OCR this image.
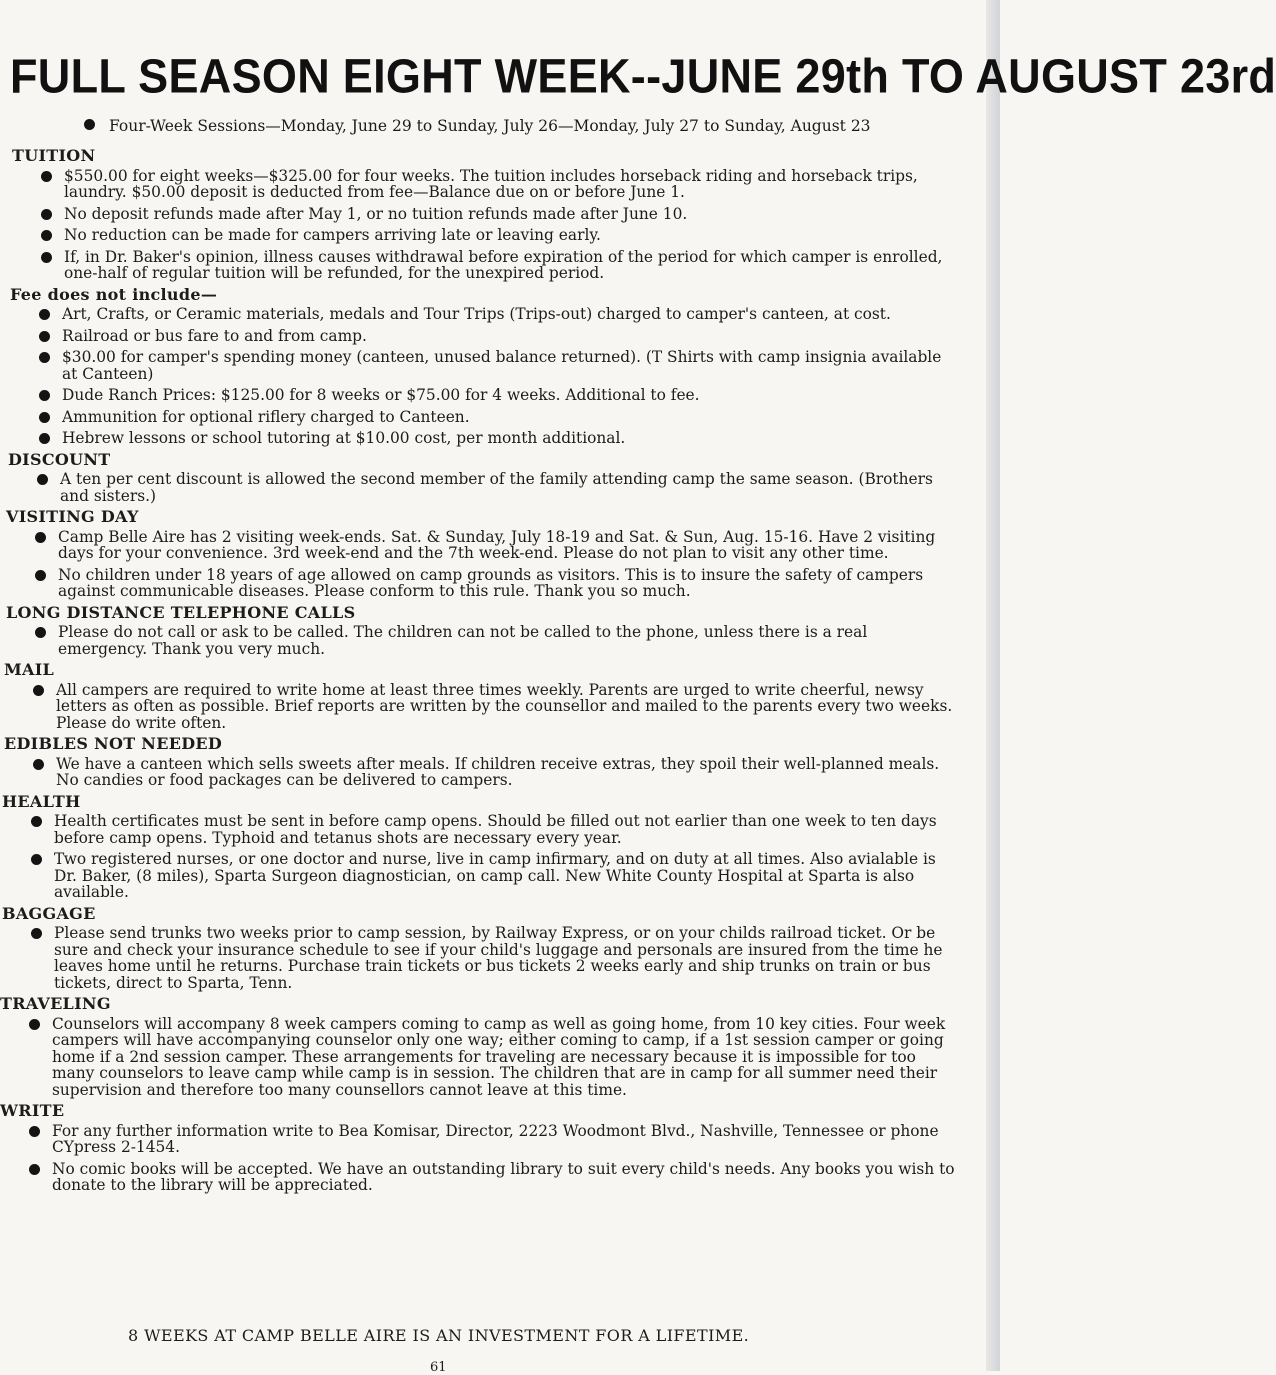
FULL SEASON EIGHT WEEK--JUNE 29th TO AUGUST 23rd
Four-Week Sessions—Monday, June 29 to Sunday, July 26—Monday, July 27 to Sunday, August 23
TUITION
$550.00 for eight weeks—$325.00 for four weeks. The tuition includes horseback riding and horseback trips, laundry. $50.00 deposit is deducted from fee—Balance due on or before June 1.
No deposit refunds made after May 1, or no tuition refunds made after June 10.
No reduction can be made for campers arriving late or leaving early.
If, in Dr. Baker's opinion, illness causes withdrawal before expiration of the period for which camper is enrolled, one-half of regular tuition will be refunded, for the unexpired period.
Fee does not include—
Art, Crafts, or Ceramic materials, medals and Tour Trips (Trips-out) charged to camper's canteen, at cost.
Railroad or bus fare to and from camp.
$30.00 for camper's spending money (canteen, unused balance returned). (T Shirts with camp insignia available at Canteen)
Dude Ranch Prices: $125.00 for 8 weeks or $75.00 for 4 weeks. Additional to fee.
Ammunition for optional riflery charged to Canteen.
Hebrew lessons or school tutoring at $10.00 cost, per month additional.
DISCOUNT
A ten per cent discount is allowed the second member of the family attending camp the same season. (Brothers and sisters.)
VISITING DAY
Camp Belle Aire has 2 visiting week-ends. Sat. & Sunday, July 18-19 and Sat. & Sun, Aug. 15-16. Have 2 visiting days for your convenience. 3rd week-end and the 7th week-end. Please do not plan to visit any other time.
No children under 18 years of age allowed on camp grounds as visitors. This is to insure the safety of campers against communicable diseases. Please conform to this rule. Thank you so much.
LONG DISTANCE TELEPHONE CALLS
Please do not call or ask to be called. The children can not be called to the phone, unless there is a real emergency. Thank you very much.
MAIL
All campers are required to write home at least three times weekly. Parents are urged to write cheerful, newsy letters as often as possible. Brief reports are written by the counsellor and mailed to the parents every two weeks. Please do write often.
EDIBLES NOT NEEDED
We have a canteen which sells sweets after meals. If children receive extras, they spoil their well-planned meals. No candies or food packages can be delivered to campers.
HEALTH
Health certificates must be sent in before camp opens. Should be filled out not earlier than one week to ten days before camp opens. Typhoid and tetanus shots are necessary every year.
Two registered nurses, or one doctor and nurse, live in camp infirmary, and on duty at all times. Also avialable is Dr. Baker, (8 miles), Sparta Surgeon diagnostician, on camp call. New White County Hospital at Sparta is also available.
BAGGAGE
Please send trunks two weeks prior to camp session, by Railway Express, or on your childs railroad ticket. Or be sure and check your insurance schedule to see if your child's luggage and personals are insured from the time he leaves home until he returns. Purchase train tickets or bus tickets 2 weeks early and ship trunks on train or bus tickets, direct to Sparta, Tenn.
TRAVELING
Counselors will accompany 8 week campers coming to camp as well as going home, from 10 key cities. Four week campers will have accompanying counselor only one way; either coming to camp, if a 1st session camper or going home if a 2nd session camper. These arrangements for traveling are necessary because it is impossible for too many counselors to leave camp while camp is in session. The children that are in camp for all summer need their supervision and therefore too many counsellors cannot leave at this time.
WRITE
For any further information write to Bea Komisar, Director, 2223 Woodmont Blvd., Nashville, Tennessee or phone CYpress 2-1454.
No comic books will be accepted. We have an outstanding library to suit every child's needs. Any books you wish to donate to the library will be appreciated.
8 WEEKS AT CAMP BELLE AIRE IS AN INVESTMENT FOR A LIFETIME.
61
